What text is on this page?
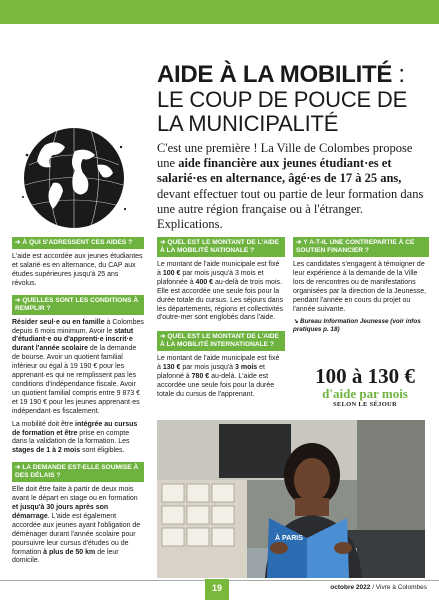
AIDE À LA MOBILITÉ :
LE COUP DE POUCE DE LA MUNICIPALITÉ
C'est une première ! La Ville de Colombes propose une aide financière aux jeunes étudiant·es et salarié·es en alternance, âgé·es de 17 à 25 ans, devant effectuer tout ou partie de leur formation dans une autre région française ou à l'étranger. Explications.
➔ À QUI S'ADRESSENT CES AIDES ?

L'aide est accordée aux jeunes étudiantes et salarié·es en alternance, du CAP aux études supérieures jusqu'à 25 ans révolus.

➔ QUELLES SONT LES CONDITIONS À REMPLIR ?

Résider seul·e ou en famille à Colombes depuis 6 mois minimum. Avoir le statut d'étudiant·e ou d'apprenti·e inscrit·e durant l'année scolaire de la demande de bourse. Avoir un quotient familial inférieur ou égal à 19 190 € pour les apprenant·es qui ne remplissent pas les conditions d'indépendance fiscale. Avoir un quotient familial compris entre 9 873 € et 19 190 € pour les jeunes apprenant·es indépendant·es fiscalement.

La mobilité doit être intégrée au cursus de formation et être prise en compte dans la validation de la formation. Les stages de 1 à 2 mois sont éligibles.

➔ LA DEMANDE EST-ELLE SOUMISE À DES DÉLAIS ?

Elle doit être faite à partir de deux mois avant le départ en stage ou en formation et jusqu'à 30 jours après son démarrage. L'aide est également accordée aux jeunes ayant l'obligation de déménager durant l'année scolaire pour poursuivre leur cursus d'études ou de formation à plus de 50 km de leur domicile.

➔ QUEL EST LE MONTANT DE L'AIDE À LA MOBILITÉ NATIONALE ?

Le montant de l'aide municipale est fixé à 100 € par mois jusqu'à 3 mois et plafonnée à 400 € au-delà de trois mois. Elle est accordée une seule fois pour la durée totale du cursus. Les séjours dans les départements, régions et collectivités d'outre-mer sont englobés dans l'aide.

➔ QUEL EST LE MONTANT DE L'AIDE À LA MOBILITÉ INTERNATIONALE ?

Le montant de l'aide municipale est fixé à 130 € par mois jusqu'à 3 mois et plafonné à 780 € au-delà. L'aide est accordée une seule fois pour la durée totale du cursus de l'apprenant.

➔ Y A-T-IL UNE CONTREPARTIE À CE SOUTIEN FINANCIER ?

Les candidates s'engagent à témoigner de leur expérience à la demande de la Ville lors de rencontres ou de manifestations organisées par la direction de la Jeunesse, pendant l'année en cours du projet ou l'année suivante.

↘ Bureau Information Jeunesse (voir infos pratiques p. 18)

100 à 130 €
d'aide par mois
SELON LE SÉJOUR
À PARIS
19	octobre 2022 / Vivre à Colombes
